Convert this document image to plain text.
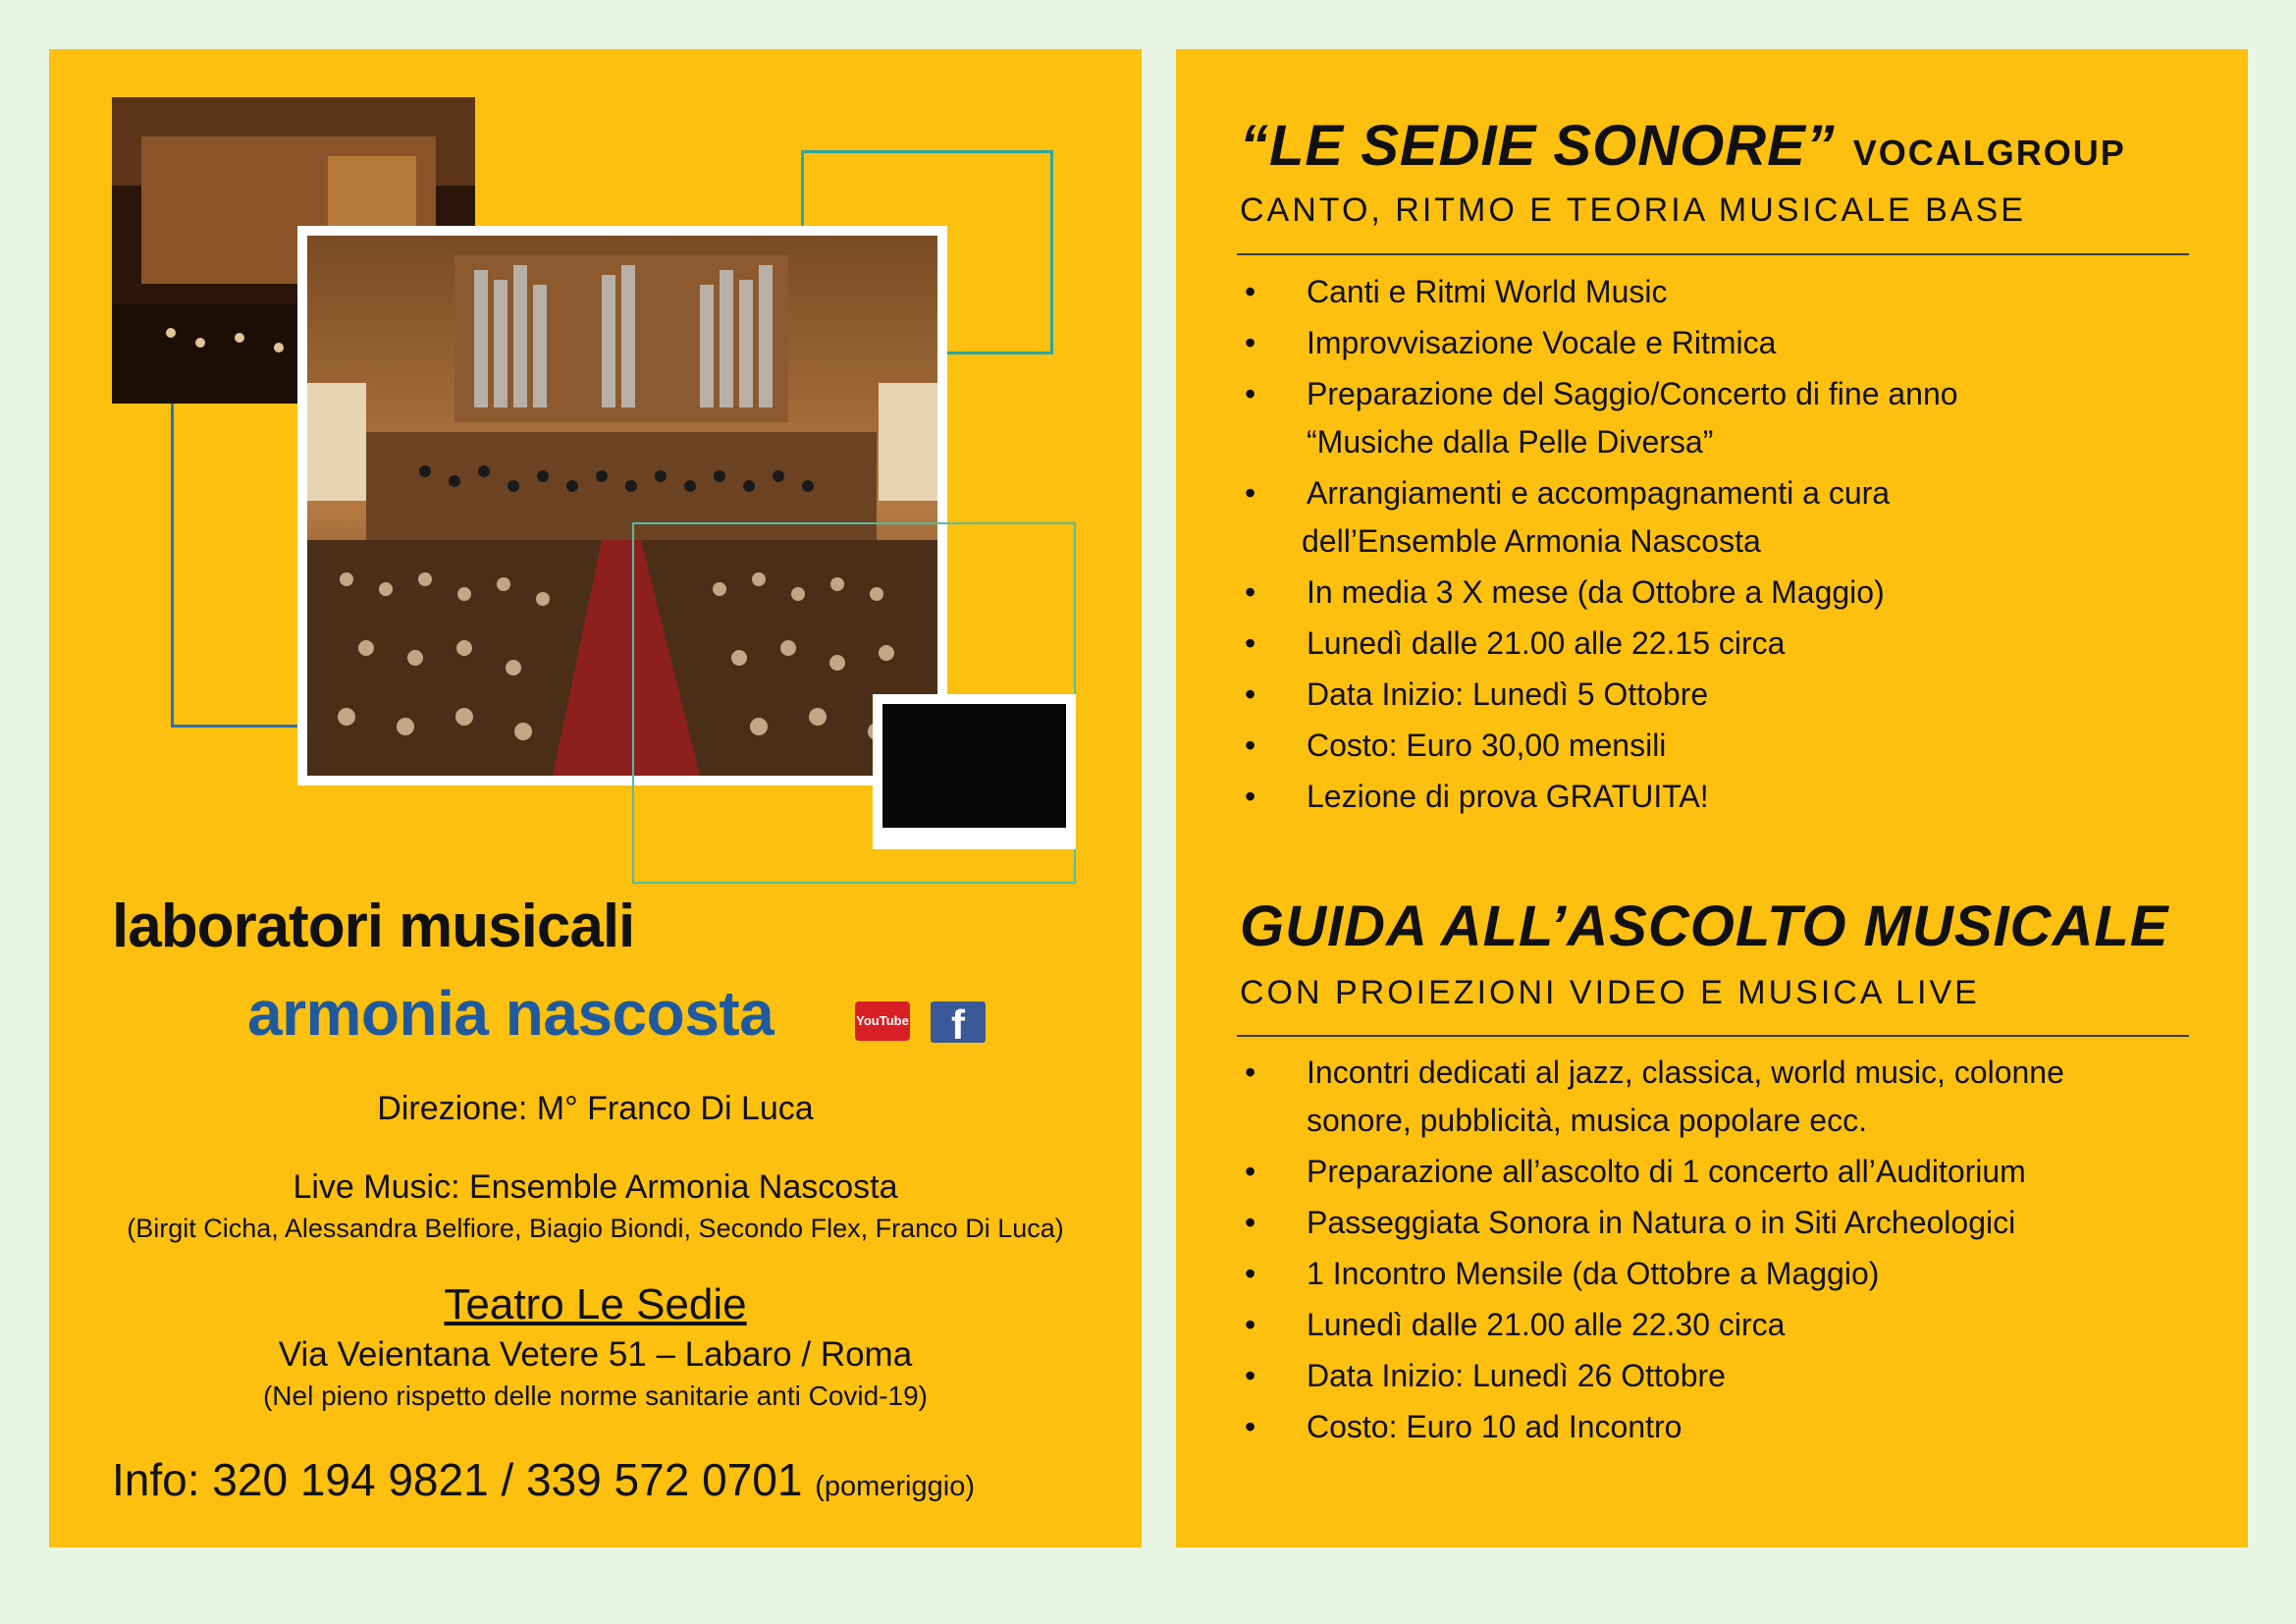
laboratori musicali
armonia nascosta	YouTube	f
Direzione: M° Franco Di Luca
Live Music: Ensemble Armonia Nascosta
(Birgit Cicha, Alessandra Belfiore, Biagio Biondi, Secondo Flex, Franco Di Luca)
Teatro Le Sedie
Via Veientana Vetere 51 – Labaro / Roma
(Nel pieno rispetto delle norme sanitarie anti Covid-19)
Info: 320 194 9821 / 339 572 0701 (pomeriggio)
“LE SEDIE SONORE” VOCALGROUP
CANTO, RITMO E TEORIA MUSICALE BASE
• Canti e Ritmi World Music
• Improvvisazione Vocale e Ritmica
• Preparazione del Saggio/Concerto di fine anno
“Musiche dalla Pelle Diversa”
• Arrangiamenti e accompagnamenti a cura
dell’Ensemble Armonia Nascosta
• In media 3 X mese (da Ottobre a Maggio)
• Lunedì dalle 21.00 alle 22.15 circa
• Data Inizio: Lunedì 5 Ottobre
• Costo: Euro 30,00 mensili
• Lezione di prova GRATUITA!
GUIDA ALL’ASCOLTO MUSICALE
CON PROIEZIONI VIDEO E MUSICA LIVE
• Incontri dedicati al jazz, classica, world music, colonne
sonore, pubblicità, musica popolare ecc.
• Preparazione all’ascolto di 1 concerto all’Auditorium
• Passeggiata Sonora in Natura o in Siti Archeologici
• 1 Incontro Mensile (da Ottobre a Maggio)
• Lunedì dalle 21.00 alle 22.30 circa
• Data Inizio: Lunedì 26 Ottobre
• Costo: Euro 10 ad Incontro
